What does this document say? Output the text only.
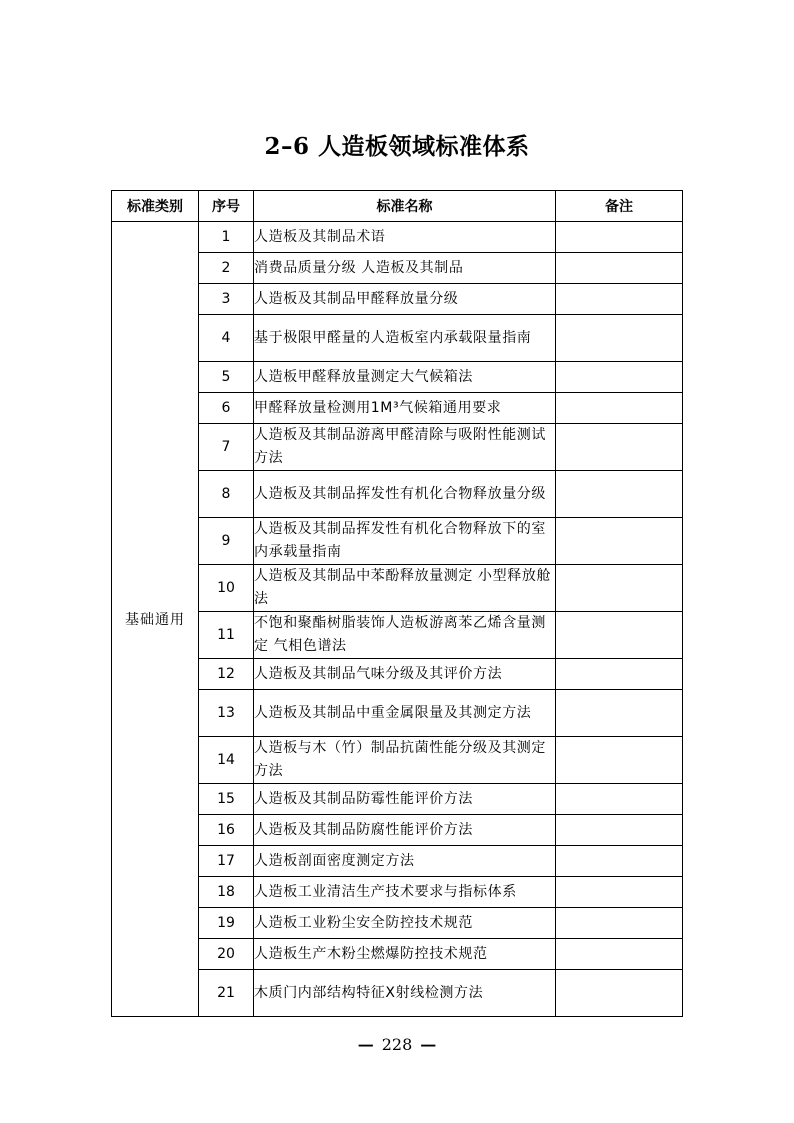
2–6 人造板领域标准体系
标准类别	序号	标准名称	备注
基础通用	1	人造板及其制品术语	
	2	消费品质量分级 人造板及其制品	
	3	人造板及其制品甲醛释放量分级	
	4	基于极限甲醛量的人造板室内承载限量指南	
	5	人造板甲醛释放量测定大气候箱法	
	6	甲醛释放量检测用1M³气候箱通用要求	
	7	人造板及其制品游离甲醛清除与吸附性能测试方法	
	8	人造板及其制品挥发性有机化合物释放量分级	
	9	人造板及其制品挥发性有机化合物释放下的室内承载量指南	
	10	人造板及其制品中苯酚释放量测定 小型释放舱法	
	11	不饱和聚酯树脂装饰人造板游离苯乙烯含量测定 气相色谱法	
	12	人造板及其制品气味分级及其评价方法	
	13	人造板及其制品中重金属限量及其测定方法	
	14	人造板与木（竹）制品抗菌性能分级及其测定方法	
	15	人造板及其制品防霉性能评价方法	
	16	人造板及其制品防腐性能评价方法	
	17	人造板剖面密度测定方法	
	18	人造板工业清洁生产技术要求与指标体系	
	19	人造板工业粉尘安全防控技术规范	
	20	人造板生产木粉尘燃爆防控技术规范	
	21	木质门内部结构特征X射线检测方法	
— 228 —
